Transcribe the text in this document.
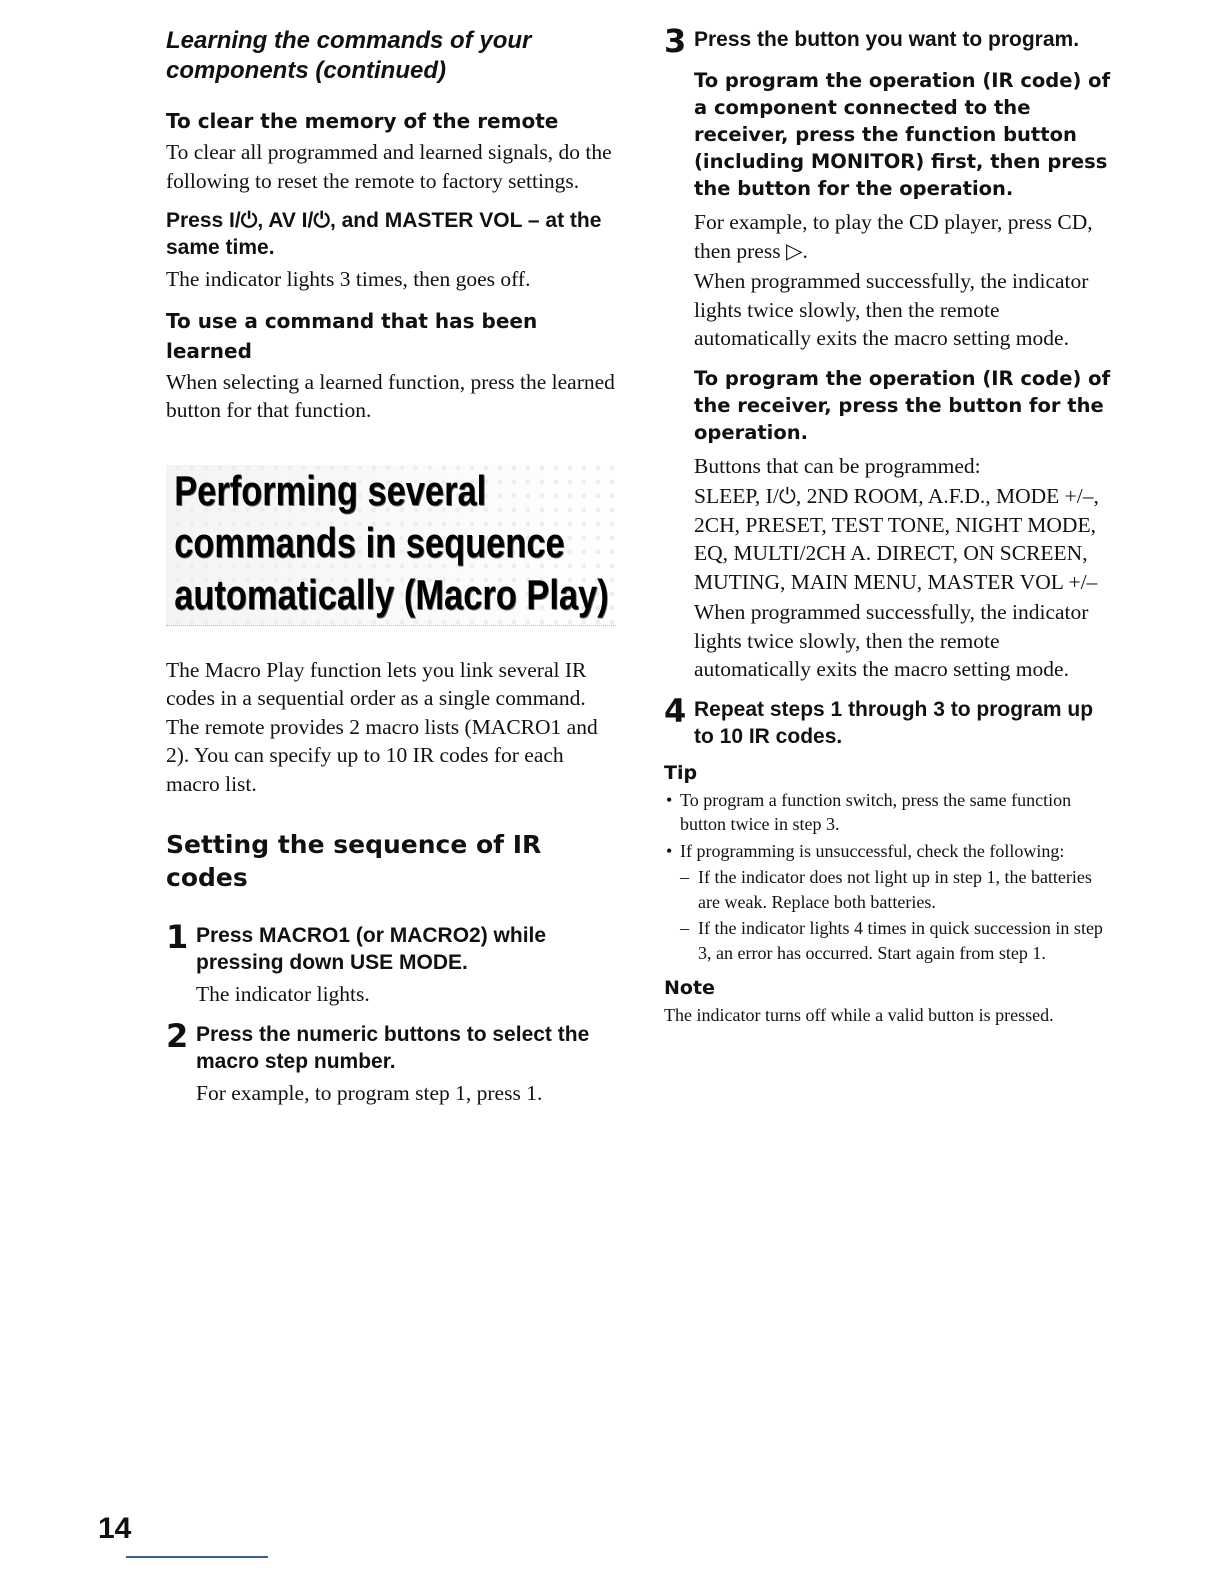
Learning the commands of your components (continued)
To clear the memory of the remote

To clear all programmed and learned signals, do the following to reset the remote to factory settings.

Press I/⏻, AV I/⏻, and MASTER VOL – at the same time.

The indicator lights 3 times, then goes off.

To use a command that has been learned

When selecting a learned function, press the learned button for that function.

Performing several
commands in sequence
automatically (Macro Play)

The Macro Play function lets you link several IR codes in a sequential order as a single command. The remote provides 2 macro lists (MACRO1 and 2). You can specify up to 10 IR codes for each macro list.

Setting the sequence of IR codes
1 Press MACRO1 (or MACRO2) while pressing down USE MODE.

The indicator lights.

2 Press the numeric buttons to select the macro step number.

For example, to program step 1, press 1.

3 Press the button you want to program.
To program the operation (IR code) of a component connected to the receiver, press the function button (including MONITOR) first, then press the button for the operation.

For example, to play the CD player, press CD, then press ▷.

When programmed successfully, the indicator lights twice slowly, then the remote automatically exits the macro setting mode.

To program the operation (IR code) of the receiver, press the button for the operation.

Buttons that can be programmed:

SLEEP, I/⏻, 2ND ROOM, A.F.D., MODE +/–, 2CH, PRESET, TEST TONE, NIGHT MODE, EQ, MULTI/2CH A. DIRECT, ON SCREEN, MUTING, MAIN MENU, MASTER VOL +/–

When programmed successfully, the indicator lights twice slowly, then the remote automatically exits the macro setting mode.

4 Repeat steps 1 through 3 to program up to 10 IR codes.
Tip

• To program a function switch, press the same function button twice in step 3.

• If programming is unsuccessful, check the following:

– If the indicator does not light up in step 1, the batteries are weak. Replace both batteries.

– If the indicator lights 4 times in quick succession in step 3, an error has occurred. Start again from step 1.

Note

The indicator turns off while a valid button is pressed.

14
